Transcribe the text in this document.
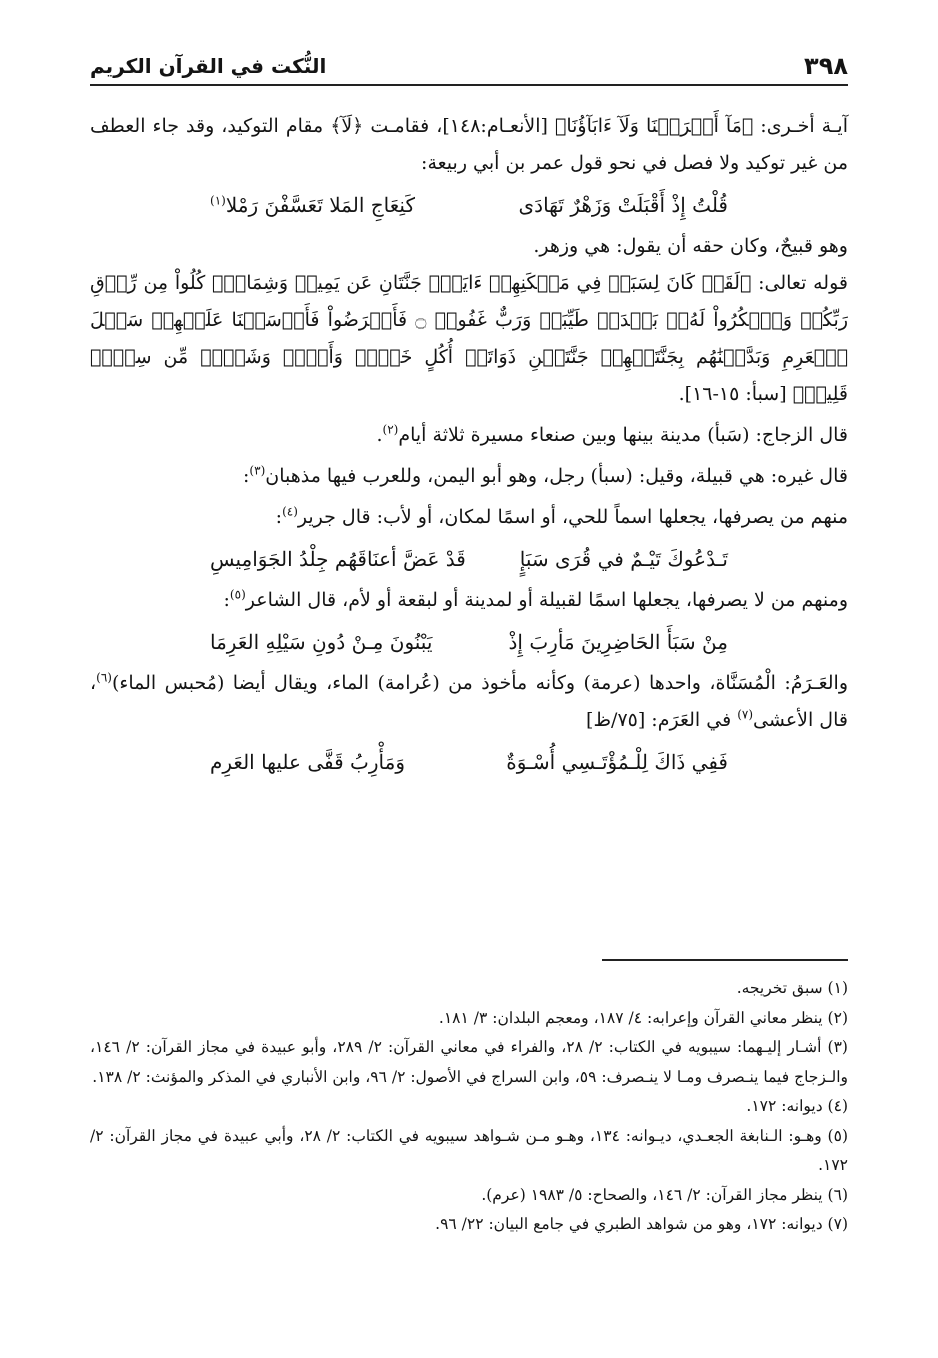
٣٩٨
النُّكت في القرآن الكريم

آيـة أخـرى: ﴿مَآ أَشۡرَكۡنَا وَلَآ ءَابَآؤُنَا﴾ [الأنعـام:١٤٨]، فقامـت ﴿لَآ﴾ مقام التوكيد، وقد جاء العطف من غير توكيد ولا فصل في نحو قول عمر بن أبي ربيعة:

قُلْتُ إِذْ أَقْبَلَتْ وَزَهْرٌ تَهَادَى
كَنِعَاجِ المَلا تَعَسَّفْنَ رَمْلا$^{(١)}$

وهو قبيحٌ، وكان حقه أن يقول: هي وزهر.

قوله تعالى: ﴿لَقَدۡ كَانَ لِسَبَإٖ فِي مَسۡكَنِهِمۡ ءَايَةٞۖ جَنَّتَانِ عَن يَمِينٖ وَشِمَالٖۖ كُلُواْ مِن رِّزۡقِ رَبِّكُمۡ وَٱشۡكُرُواْ لَهُۥۚ بَلۡدَةٞ طَيِّبَةٞ وَرَبٌّ غَفُورٞ ۝ فَأَعۡرَضُواْ فَأَرۡسَلۡنَا عَلَيۡهِمۡ سَيۡلَ ٱلۡعَرِمِ وَبَدَّلۡنَٰهُم بِجَنَّتَيۡهِمۡ جَنَّتَيۡنِ ذَوَاتَيۡ أُكُلٍ خَمۡطٖ وَأَثۡلٖ وَشَيۡءٖ مِّن سِدۡرٖ قَلِيلٖ﴾ [سبأ: ١٥-١٦].

قال الزجاج: (سَبأ) مدينة بينها وبين صنعاء مسيرة ثلاثة أيام$^{(٢)}$.

قال غيره: هي قبيلة، وقيل: (سبأ) رجل، وهو أبو اليمن، وللعرب فيها مذهبان$^{(٣)}$:

منهم من يصرفها، يجعلها اسماً للحي، أو اسمًا لمكان، أو لأب: قال جرير$^{(٤)}$:

تَـدْعُوكَ تَيْـمٌ في قُرَى سَبَإٍ
قَدْ عَضَّ أعنَاقَهُم جِلْدُ الجَوَامِيسِ

ومنهم من لا يصرفها، يجعلها اسمًا لقبيلة أو لمدينة أو لبقعة أو لأم، قال الشاعر$^{(٥)}$:

مِنْ سَبَأَ الحَاضِرِينَ مَأرِبَ إِذْ
يَبْنُونَ مِـنْ دُونِ سَيْلِهِ العَرِمَا

والعَـرَمُ: الْمُسَنَّاة، واحدها (عرمة) وكأنه مأخوذ من (عُرامة) الماء، ويقال أيضا (مُحبس الماء)$^{(٦)}$، قال الأعشى$^{(٧)}$ في العَرَم: [٧٥/ظ]

فَفِي ذَاكَ لِلْـمُؤْتَـسِي أُسْـوَةٌ
وَمَأْرِبُ قَفَّى عليها العَرِم

(١) سبق تخريجه.

(٢) ينظر معاني القرآن وإعرابه: ٤/ ١٨٧، ومعجم البلدان: ٣/ ١٨١.

(٣) أشـار إليـهما: سيبويه في الكتاب: ٢/ ٢٨، والفراء في معاني القرآن: ٢/ ٢٨٩، وأبو عبيدة في مجاز القرآن: ٢/ ١٤٦، والـزجاج فيما ينـصرف ومـا لا ينـصرف: ٥٩، وابن السراج في الأصول: ٢/ ٩٦، وابن الأنباري في المذكر والمؤنث: ٢/ ١٣٨.

(٤) ديوانه: ١٧٢.

(٥) وهـو: الـنابغة الجعـدي، ديـوانه: ١٣٤، وهـو مـن شـواهد سيبويه في الكتاب: ٢/ ٢٨، وأبي عبيدة في مجاز القرآن: ٢/ ١٧٢.

(٦) ينظر مجاز القرآن: ٢/ ١٤٦، والصحاح: ٥/ ١٩٨٣ (عرم).

(٧) ديوانه: ١٧٢، وهو من شواهد الطبري في جامع البيان: ٢٢/ ٩٦.
